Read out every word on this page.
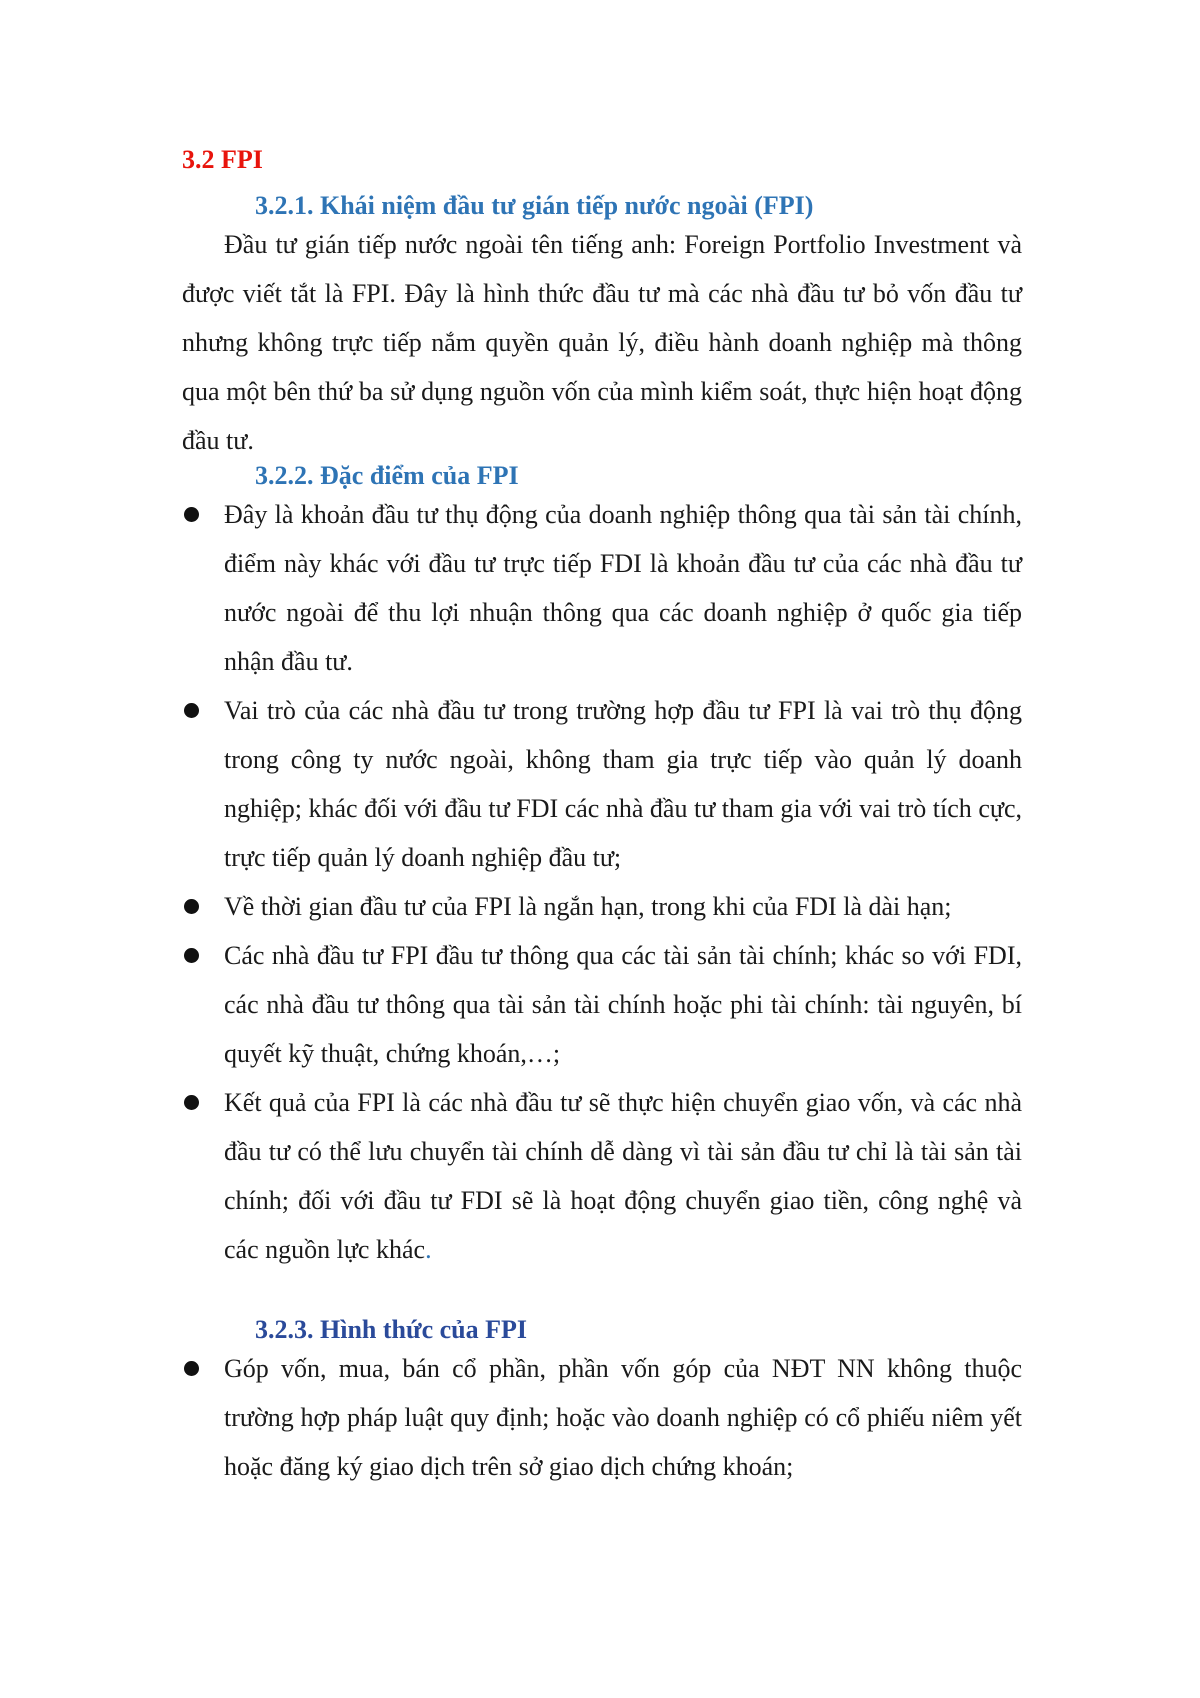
3.2 FPI
3.2.1. Khái niệm đầu tư gián tiếp nước ngoài (FPI)

Đầu tư gián tiếp nước ngoài tên tiếng anh: Foreign Portfolio Investment và được viết tắt là FPI. Đây là hình thức đầu tư mà các nhà đầu tư bỏ vốn đầu tư nhưng không trực tiếp nắm quyền quản lý, điều hành doanh nghiệp mà thông qua một bên thứ ba sử dụng nguồn vốn của mình kiểm soát, thực hiện hoạt động đầu tư.

3.2.2. Đặc điểm của FPI
Đây là khoản đầu tư thụ động của doanh nghiệp thông qua tài sản tài chính, điểm này khác với đầu tư trực tiếp FDI là khoản đầu tư của các nhà đầu tư nước ngoài để thu lợi nhuận thông qua các doanh nghiệp ở quốc gia tiếp nhận đầu tư.
Vai trò của các nhà đầu tư trong trường hợp đầu tư FPI là vai trò thụ động trong công ty nước ngoài, không tham gia trực tiếp vào quản lý doanh nghiệp; khác đối với đầu tư FDI các nhà đầu tư tham gia với vai trò tích cực, trực tiếp quản lý doanh nghiệp đầu tư;
Về thời gian đầu tư của FPI là ngắn hạn, trong khi của FDI là dài hạn;
Các nhà đầu tư FPI đầu tư thông qua các tài sản tài chính; khác so với FDI, các nhà đầu tư thông qua tài sản tài chính hoặc phi tài chính: tài nguyên, bí quyết kỹ thuật, chứng khoán,…;
Kết quả của FPI là các nhà đầu tư sẽ thực hiện chuyển giao vốn, và các nhà đầu tư có thể lưu chuyển tài chính dễ dàng vì tài sản đầu tư chỉ là tài sản tài chính; đối với đầu tư FDI sẽ là hoạt động chuyển giao tiền, công nghệ và các nguồn lực khác.
3.2.3. Hình thức của FPI
Góp vốn, mua, bán cổ phần, phần vốn góp của NĐT NN không thuộc trường hợp pháp luật quy định; hoặc vào doanh nghiệp có cổ phiếu niêm yết hoặc đăng ký giao dịch trên sở giao dịch chứng khoán;
